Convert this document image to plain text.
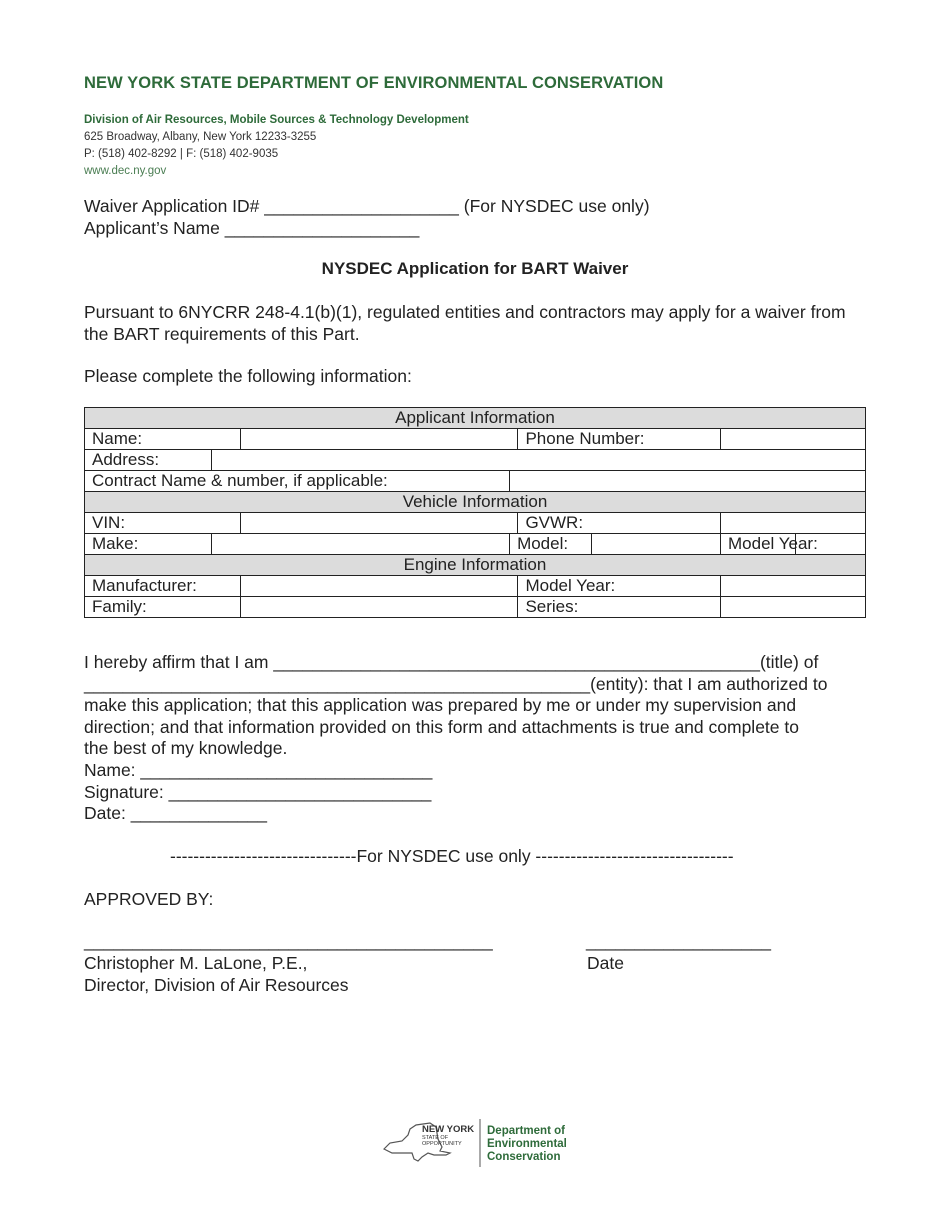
NEW YORK STATE DEPARTMENT OF ENVIRONMENTAL CONSERVATION
Division of Air Resources, Mobile Sources & Technology Development
625 Broadway, Albany, New York 12233-3255
P: (518) 402-8292 | F: (518) 402-9035
www.dec.ny.gov
Waiver Application ID# ____________________ (For NYSDEC use only)
Applicant’s Name ____________________
NYSDEC Application for BART Waiver
Pursuant to 6NYCRR 248-4.1(b)(1), regulated entities and contractors may apply for a waiver from the BART requirements of this Part.
Please complete the following information:
Applicant Information							
Name:				Phone Number:			
Address:							
Contract Name & number, if applicable:							
Vehicle Information							
VIN:				GVWR:			
Make:			Model:			Model Year:	
Engine Information							
Manufacturer:				Model Year:			
Family:				Series:			
I hereby affirm that I am __________________________________________________(title) of
____________________________________________________(entity): that I am authorized to
make this application; that this application was prepared by me or under my supervision and
direction; and that information provided on this form and attachments is true and complete to
the best of my knowledge.
Name: ______________________________
Signature: ___________________________
Date: ______________
--------------------------------For NYSDEC use only ----------------------------------
APPROVED BY:
__________________________________________	___________________
Christopher M. LaLone, P.E.,	Date
Director, Division of Air Resources
NEW YORK
STATE OF
OPPORTUNITY
Department of
Environmental
Conservation
